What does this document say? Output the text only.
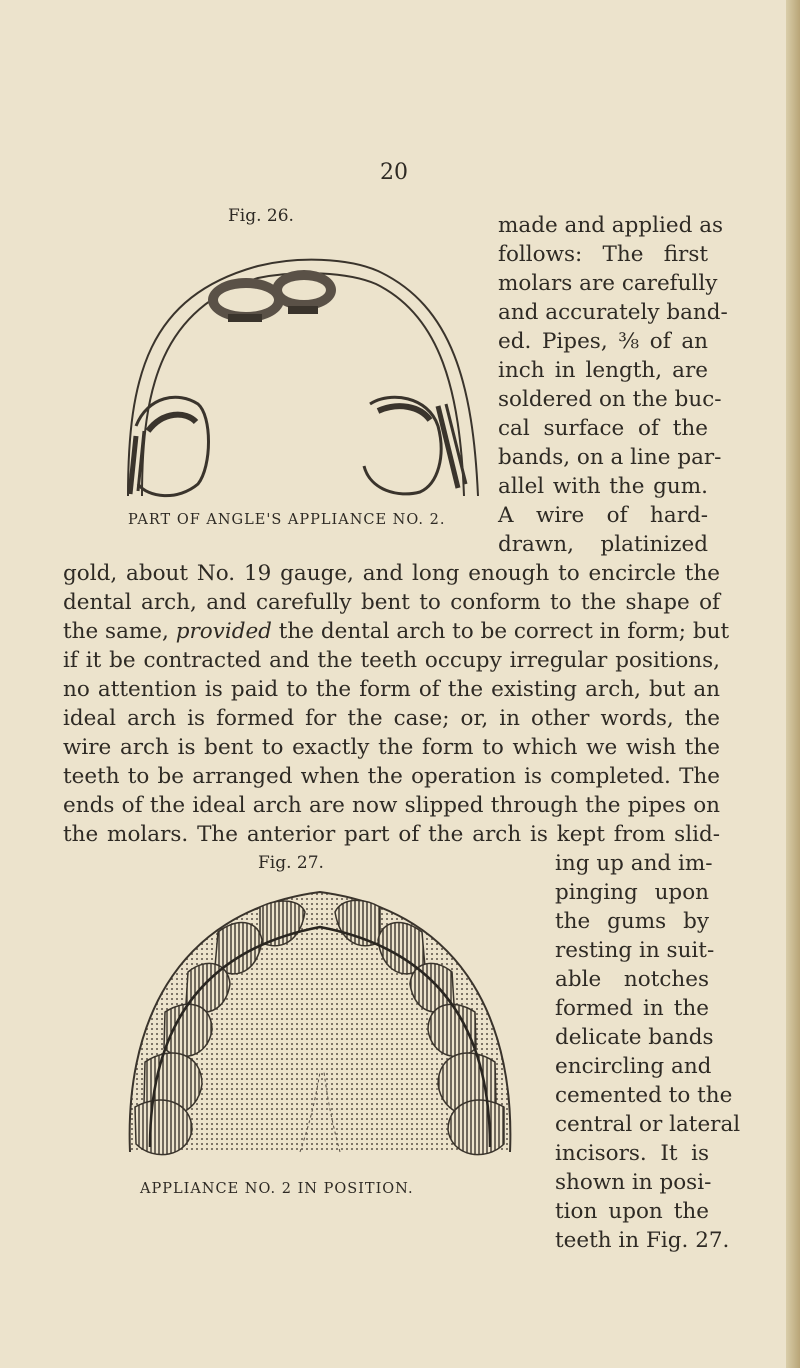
20
Fig. 26.
PART OF ANGLE'S APPLIANCE NO. 2.
made and applied as
follows: The first
molars are carefully
and accurately band-
ed. Pipes, ⅜ of an
inch in length, are
soldered on the buc-
cal surface of the
bands, on a line par-
allel with the gum.
A wire of hard-
drawn, platinized
gold, about No. 19 gauge, and long enough to encircle the
dental arch, and carefully bent to conform to the shape of
the same, provided the dental arch to be correct in form; but
if it be contracted and the teeth occupy irregular positions,
no attention is paid to the form of the existing arch, but an
ideal arch is formed for the case; or, in other words, the
wire arch is bent to exactly the form to which we wish the
teeth to be arranged when the operation is completed. The
ends of the ideal arch are now slipped through the pipes on
the molars. The anterior part of the arch is kept from slid-
Fig. 27.
APPLIANCE NO. 2 IN POSITION.
ing up and im-
pinging upon
the gums by
resting in suit-
able notches
formed in the
delicate bands
encircling and
cemented to the
central or lateral
incisors. It is
shown in posi-
tion upon the
teeth in Fig. 27.
